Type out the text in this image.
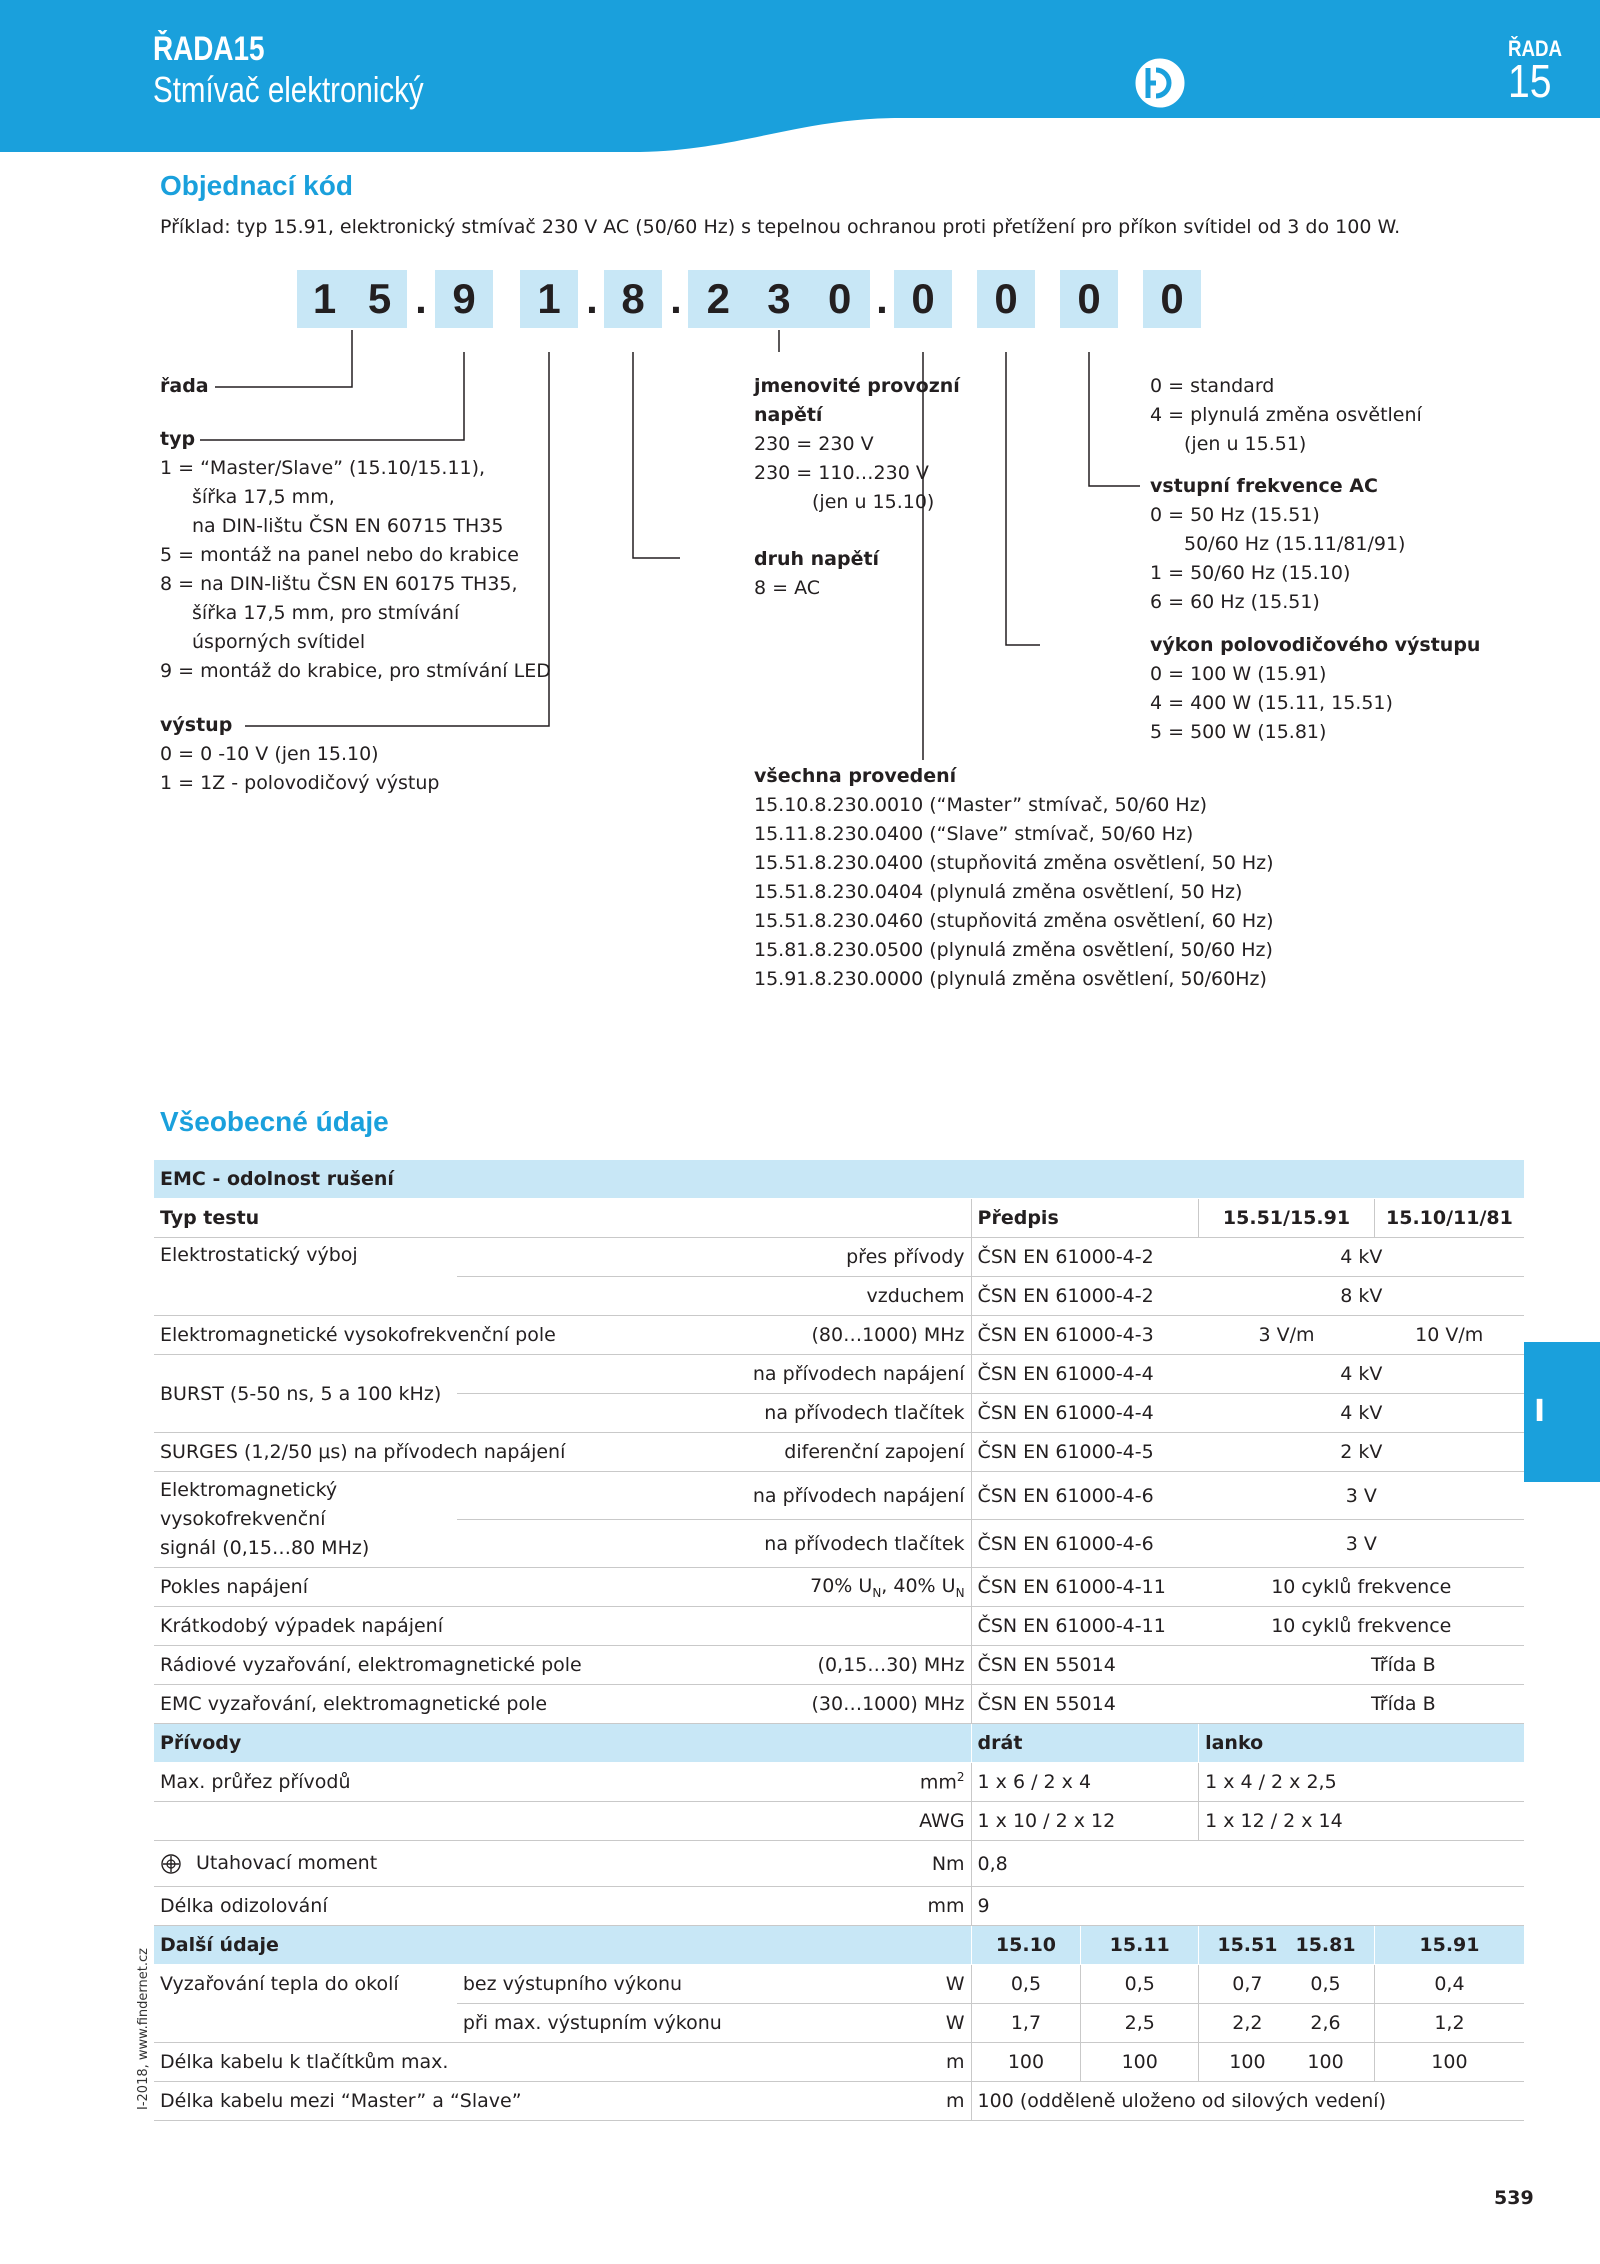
ŘADA15
Stmívač elektronický	finder
ŘADA
15
Objednací kód
Příklad: typ 15.91, elektronický stmívač 230 V AC (50/60 Hz) s tepelnou ochranou proti přetížení pro příkon svítidel od 3 do 100 W.
1 5 . 9 1 . 8 . 2 3 0 . 0 0 0 0
řada
typ
1 = “Master/Slave” (15.10/15.11),
šířka 17,5 mm,
na DIN-lištu ČSN EN 60715 TH35
5 = montáž na panel nebo do krabice
8 = na DIN-lištu ČSN EN 60175 TH35,
šířka 17,5 mm, pro stmívání
úsporných svítidel
9 = montáž do krabice, pro stmívání LED
výstup
0 = 0 -10 V (jen 15.10)
1 = 1Z - polovodičový výstup
jmenovité provozní
napětí
230 = 230 V
230 = 110…230 V
(jen u 15.10)
druh napětí
8 = AC
všechna provedení
15.10.8.230.0010 (“Master” stmívač, 50/60 Hz)
15.11.8.230.0400 (“Slave” stmívač, 50/60 Hz)
15.51.8.230.0400 (stupňovitá změna osvětlení, 50 Hz)
15.51.8.230.0404 (plynulá změna osvětlení, 50 Hz)
15.51.8.230.0460 (stupňovitá změna osvětlení, 60 Hz)
15.81.8.230.0500 (plynulá změna osvětlení, 50/60 Hz)
15.91.8.230.0000 (plynulá změna osvětlení, 50/60Hz)
0 = standard
4 = plynulá změna osvětlení
(jen u 15.51)
vstupní frekvence AC
0 = 50 Hz (15.51)
50/60 Hz (15.11/81/91)
1 = 50/60 Hz (15.10)
6 = 60 Hz (15.51)
výkon polovodičového výstupu
0 = 100 W (15.91)
4 = 400 W (15.11, 15.51)
5 = 500 W (15.81)
Všeobecné údaje
EMC - odolnost rušení						
Typ testu			Předpis		15.51/15.91	15.10/11/81
Elektrostatický výboj	přes přívody		ČSN EN 61000-4-2		4 kV	
	vzduchem		ČSN EN 61000-4-2		8 kV	
Elektromagnetické vysokofrekvenční pole		(80…1000) MHz	ČSN EN 61000-4-3		3 V/m	10 V/m
BURST (5-50 ns, 5 a 100 kHz)	na přívodech napájení		ČSN EN 61000-4-4		4 kV	
	na přívodech tlačítek		ČSN EN 61000-4-4		4 kV	
SURGES (1,2/50 μs) na přívodech napájení		diferenční zapojení	ČSN EN 61000-4-5		2 kV	

Elektromagnetický
vysokofrekvenční
signál (0,15…80 MHz)	na přívodech napájení		ČSN EN 61000-4-6		3 V	
	na přívodech tlačítek		ČSN EN 61000-4-6		3 V	
Pokles napájení		70% $U_N$, 40% $U_N$	ČSN EN 61000-4-11		10 cyklů frekvence	
Krátkodobý výpadek napájení			ČSN EN 61000-4-11		10 cyklů frekvence	
Rádiové vyzařování, elektromagnetické pole		(0,15…30) MHz	ČSN EN 55014		Třída B	
EMC vyzařování, elektromagnetické pole		(30…1000) MHz	ČSN EN 55014		Třída B	
Přívody			drát		lanko	
Max. průřez přívodů		$mm^2$	1 x 6 / 2 x 4		1 x 4 / 2 x 2,5	
		AWG	1 x 10 / 2 x 12		1 x 12 / 2 x 14	
Utahovací moment		Nm	0,8			
Délka odizolování		mm	9			
Další údaje			15.10	15.11	15.51 15.81	15.91
Vyzařování tepla do okolí	bez výstupního výkonu	W	0,5	0,5	0,7 0,5	0,4
	při max. výstupním výkonu	W	1,7	2,5	2,2 2,6	1,2
Délka kabelu k tlačítkům max.		m	100	100	100 100	100
Délka kabelu mezi “Master” a “Slave”		m	100 (odděleně uloženo od silových vedení)			
I
I-2018, www.findernet.cz
539
